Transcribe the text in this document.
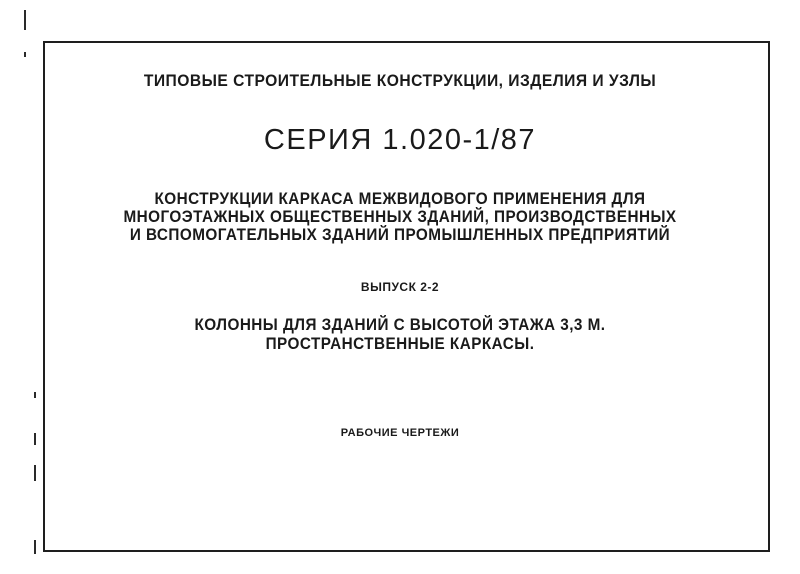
ТИПОВЫЕ СТРОИТЕЛЬНЫЕ КОНСТРУКЦИИ, ИЗДЕЛИЯ И УЗЛЫ
СЕРИЯ 1.020-1/87
КОНСТРУКЦИИ КАРКАСА МЕЖВИДОВОГО ПРИМЕНЕНИЯ ДЛЯ
МНОГОЭТАЖНЫХ ОБЩЕСТВЕННЫХ ЗДАНИЙ, ПРОИЗВОДСТВЕННЫХ
И ВСПОМОГАТЕЛЬНЫХ ЗДАНИЙ ПРОМЫШЛЕННЫХ ПРЕДПРИЯТИЙ
ВЫПУСК 2-2
КОЛОННЫ ДЛЯ ЗДАНИЙ С ВЫСОТОЙ ЭТАЖА 3,3 М.
ПРОСТРАНСТВЕННЫЕ КАРКАСЫ.
РАБОЧИЕ ЧЕРТЕЖИ
